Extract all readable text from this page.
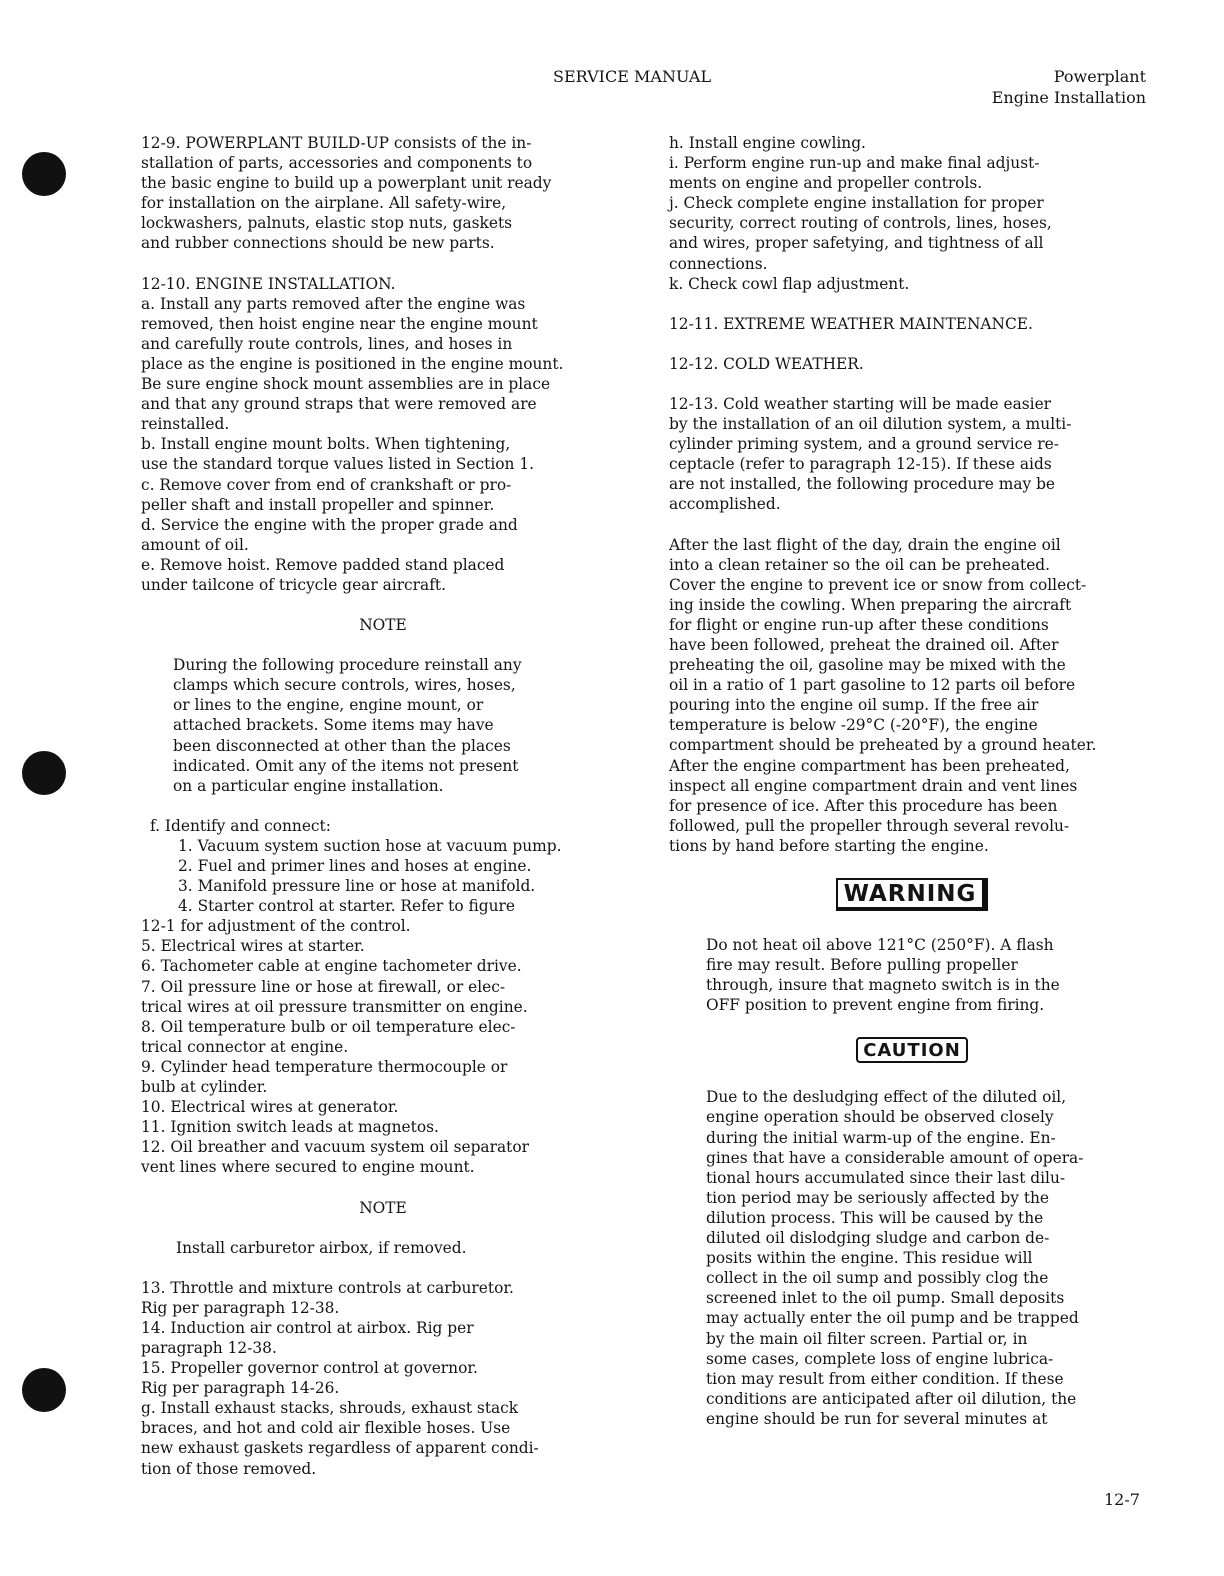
SERVICE MANUAL	Powerplant
Engine Installation

12-9. POWERPLANT BUILD-UP consists of the in-
stallation of parts, accessories and components to
the basic engine to build up a powerplant unit ready
for installation on the airplane. All safety-wire,
lockwashers, palnuts, elastic stop nuts, gaskets
and rubber connections should be new parts.

12-10. ENGINE INSTALLATION.

a. Install any parts removed after the engine was
removed, then hoist engine near the engine mount
and carefully route controls, lines, and hoses in
place as the engine is positioned in the engine mount.
Be sure engine shock mount assemblies are in place
and that any ground straps that were removed are
reinstalled.
b. Install engine mount bolts. When tightening,
use the standard torque values listed in Section 1.
c. Remove cover from end of crankshaft or pro-
peller shaft and install propeller and spinner.
d. Service the engine with the proper grade and
amount of oil.
e. Remove hoist. Remove padded stand placed
under tailcone of tricycle gear aircraft.

NOTE

During the following procedure reinstall any
clamps which secure controls, wires, hoses,
or lines to the engine, engine mount, or
attached brackets. Some items may have
been disconnected at other than the places
indicated. Omit any of the items not present
on a particular engine installation.

f. Identify and connect:

1. Vacuum system suction hose at vacuum pump.
2. Fuel and primer lines and hoses at engine.
3. Manifold pressure line or hose at manifold.
4. Starter control at starter. Refer to figure

12-1 for adjustment of the control.
5. Electrical wires at starter.
6. Tachometer cable at engine tachometer drive.
7. Oil pressure line or hose at firewall, or elec-
trical wires at oil pressure transmitter on engine.
8. Oil temperature bulb or oil temperature elec-
trical connector at engine.
9. Cylinder head temperature thermocouple or
bulb at cylinder.
10. Electrical wires at generator.
11. Ignition switch leads at magnetos.
12. Oil breather and vacuum system oil separator
vent lines where secured to engine mount.

NOTE

Install carburetor airbox, if removed.

13. Throttle and mixture controls at carburetor.
Rig per paragraph 12-38.
14. Induction air control at airbox. Rig per
paragraph 12-38.
15. Propeller governor control at governor.
Rig per paragraph 14-26.
g. Install exhaust stacks, shrouds, exhaust stack
braces, and hot and cold air flexible hoses. Use
new exhaust gaskets regardless of apparent condi-
tion of those removed.

h. Install engine cowling.
i. Perform engine run-up and make final adjust-
ments on engine and propeller controls.
j. Check complete engine installation for proper
security, correct routing of controls, lines, hoses,
and wires, proper safetying, and tightness of all
connections.
k. Check cowl flap adjustment.

12-11. EXTREME WEATHER MAINTENANCE.

12-12. COLD WEATHER.

12-13. Cold weather starting will be made easier
by the installation of an oil dilution system, a multi-
cylinder priming system, and a ground service re-
ceptacle (refer to paragraph 12-15). If these aids
are not installed, the following procedure may be
accomplished.

After the last flight of the day, drain the engine oil
into a clean retainer so the oil can be preheated.
Cover the engine to prevent ice or snow from collect-
ing inside the cowling. When preparing the aircraft
for flight or engine run-up after these conditions
have been followed, preheat the drained oil. After
preheating the oil, gasoline may be mixed with the
oil in a ratio of 1 part gasoline to 12 parts oil before
pouring into the engine oil sump. If the free air
temperature is below -29°C (-20°F), the engine
compartment should be preheated by a ground heater.
After the engine compartment has been preheated,
inspect all engine compartment drain and vent lines
for presence of ice. After this procedure has been
followed, pull the propeller through several revolu-
tions by hand before starting the engine.

WARNING

Do not heat oil above 121°C (250°F). A flash
fire may result. Before pulling propeller
through, insure that magneto switch is in the
OFF position to prevent engine from firing.

CAUTION

Due to the desludging effect of the diluted oil,
engine operation should be observed closely
during the initial warm-up of the engine. En-
gines that have a considerable amount of opera-
tional hours accumulated since their last dilu-
tion period may be seriously affected by the
dilution process. This will be caused by the
diluted oil dislodging sludge and carbon de-
posits within the engine. This residue will
collect in the oil sump and possibly clog the
screened inlet to the oil pump. Small deposits
may actually enter the oil pump and be trapped
by the main oil filter screen. Partial or, in
some cases, complete loss of engine lubrica-
tion may result from either condition. If these
conditions are anticipated after oil dilution, the
engine should be run for several minutes at

12-7
